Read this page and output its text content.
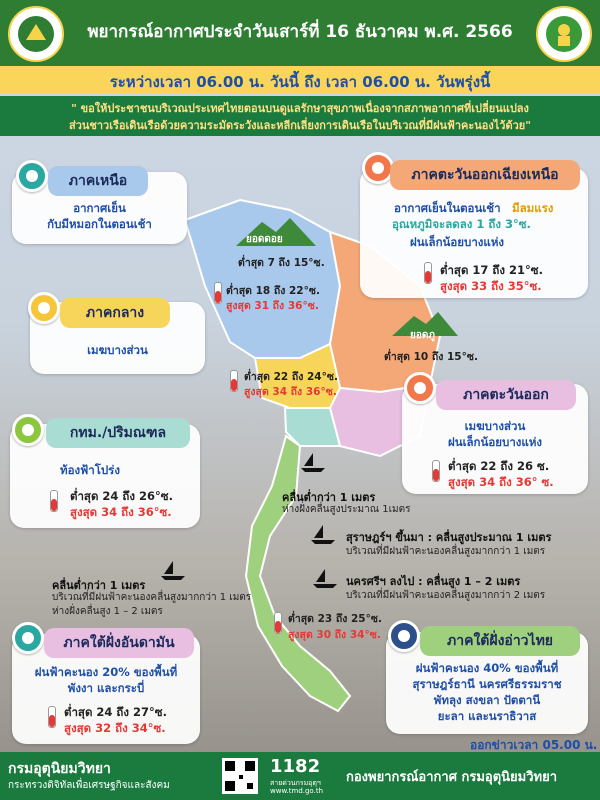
พยากรณ์อากาศประจำวันเสาร์ที่ 16 ธันวาคม พ.ศ. 2566
ระหว่างเวลา 06.00 น. วันนี้ ถึง เวลา 06.00 น. วันพรุ่งนี้
" ขอให้ประชาชนบริเวณประเทศไทยตอนบนดูแลรักษาสุขภาพเนื่องจากสภาพอากาศที่เปลี่ยนแปลง
ส่วนชาวเรือเดินเรือด้วยความระมัดระวังและหลีกเลี่ยงการเดินเรือในบริเวณที่มีฝนฟ้าคะนองไว้ด้วย"
ภาคเหนือ
อากาศเย็น
กับมีหมอกในตอนเช้า
ยอดดอย
ต่ำสุด 7 ถึง 15°ซ.
ต่ำสุด 18 ถึง 22°ซ.
สูงสุด 31 ถึง 36°ซ.
ภาคตะวันออกเฉียงเหนือ
อากาศเย็นในตอนเช้า มีลมแรง
อุณหภูมิจะลดลง 1 ถึง 3°ซ.
ฝนเล็กน้อยบางแห่ง
ต่ำสุด 17 ถึง 21°ซ.
สูงสุด 33 ถึง 35°ซ.
ยอดภู
ต่ำสุด 10 ถึง 15°ซ.
ภาคกลาง
เมฆบางส่วน
ต่ำสุด 22 ถึง 24°ซ.
สูงสุด 34 ถึง 36°ซ.	ภาคตะวันออก
เมฆบางส่วน
ฝนเล็กน้อยบางแห่ง
ต่ำสุด 22 ถึง 26 ซ.
สูงสุด 34 ถึง 36° ซ.
กทม./ปริมณฑล
ท้องฟ้าโปร่ง
ต่ำสุด 24 ถึง 26°ซ.
สูงสุด 34 ถึง 36°ซ.
คลื่นต่ำกว่า 1 เมตร
ห่างฝั่งคลื่นสูงประมาณ 1เมตร
สุราษฎร์ฯ ขึ้นมา : คลื่นสูงประมาณ 1 เมตร
บริเวณที่มีฝนฟ้าคะนองคลื่นสูงมากกว่า 1 เมตร
นครศรีฯ ลงไป : คลื่นสูง 1 – 2 เมตร
บริเวณที่มีฝนฟ้าคะนองคลื่นสูงมากกว่า 2 เมตร
คลื่นต่ำกว่า 1 เมตร
บริเวณที่มีฝนฟ้าคะนองคลื่นสูงมากกว่า 1 เมตร
ห่างฝั่งคลื่นสูง 1 – 2 เมตร
ต่ำสุด 23 ถึง 25°ซ.
สูงสุด 30 ถึง 34°ซ.
ภาคใต้ฝั่งอันดามัน
ฝนฟ้าคะนอง 20% ของพื้นที่
พังงา และกระบี่
ต่ำสุด 24 ถึง 27°ซ.
สูงสุด 32 ถึง 34°ซ.
ภาคใต้ฝั่งอ่าวไทย
ฝนฟ้าคะนอง 40% ของพื้นที่
สุราษฎร์ธานี นครศรีธรรมราช
พัทลุง สงขลา ปัตตานี
ยะลา และนราธิวาส
ออกข่าวเวลา 05.00 น.
กรมอุตุนิยมวิทยา
กระทรวงดิจิทัลเพื่อเศรษฐกิจและสังคม
1182
สายด่วนกรมอุตุฯ
www.tmd.go.th
กองพยากรณ์อากาศ กรมอุตุนิยมวิทยา
